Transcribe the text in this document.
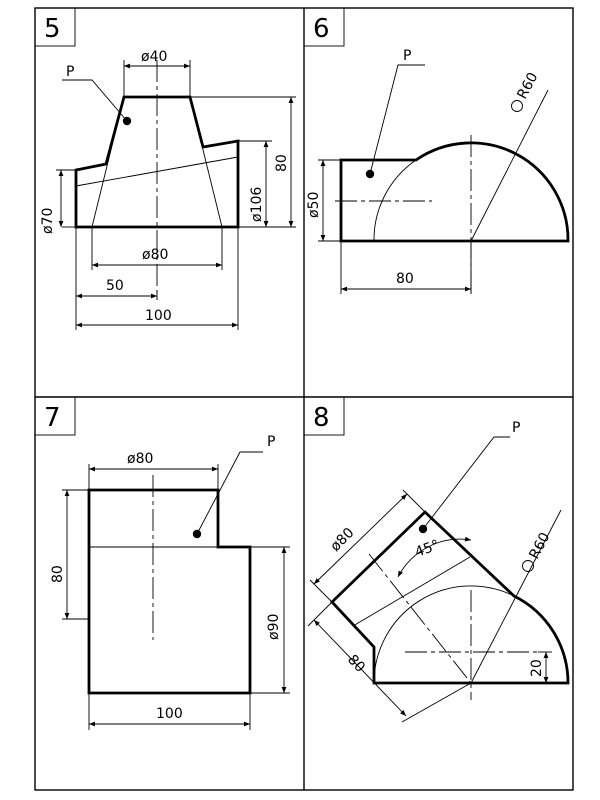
5
P
ø40
ø80
50
100
ø70	ø106
80
6
P
R60
ø50
80
7
P
ø80
80
ø90
100
8	P
ø80
80
45°	R60
20
